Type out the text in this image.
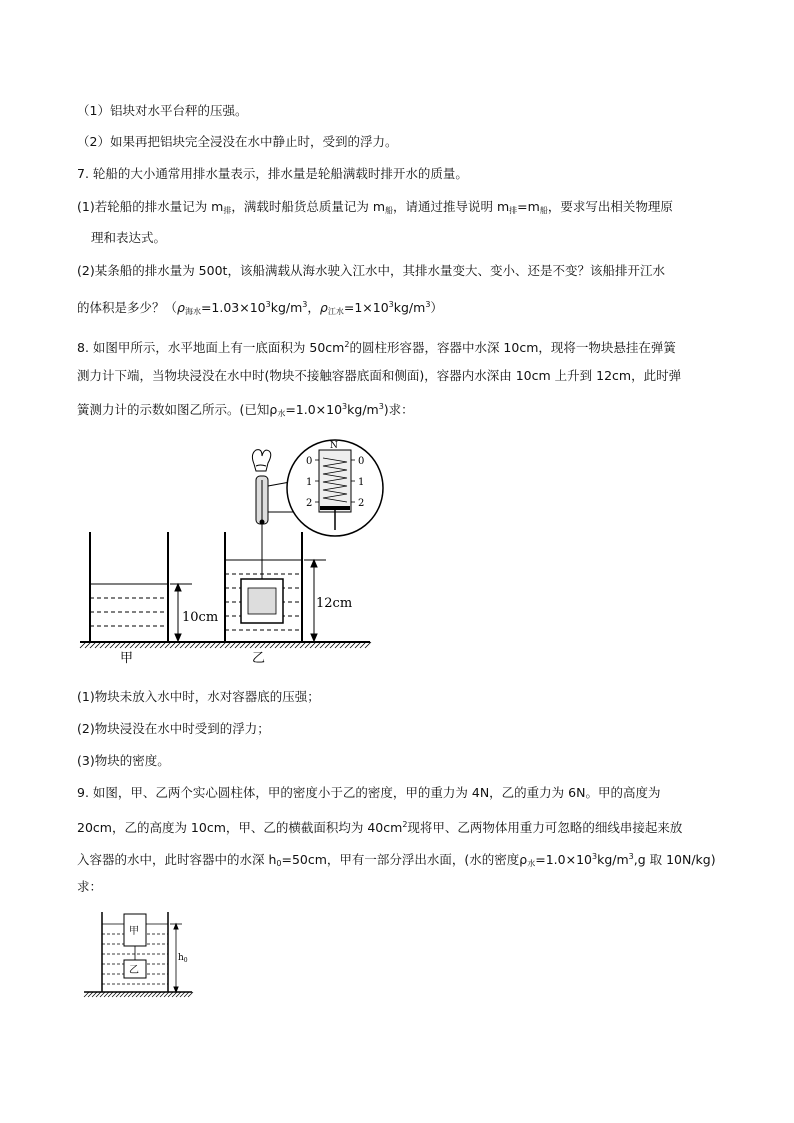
（1）铝块对水平台秤的压强。
（2）如果再把铝块完全浸没在水中静止时，受到的浮力。
7. 轮船的大小通常用排水量表示，排水量是轮船满载时排开水的质量。
(1)若轮船的排水量记为 $m_排$，满载时船货总质量记为 $m_船$，请通过推导说明 $m_排=m_船$，要求写出相关物理原
理和表达式。
(2)某条船的排水量为 500t，该船满载从海水驶入江水中，其排水量变大、变小、还是不变？该船排开江水
的体积是多少？（$\rho_{海水}=1.03\times 10^3kg/m^3$，$\rho_{江水}=1\times 10^3kg/m^3$）
8. 如图甲所示，水平地面上有一底面积为 $50cm^2$的圆柱形容器，容器中水深 10cm，现将一物块悬挂在弹簧
测力计下端，当物块浸没在水中时(物块不接触容器底面和侧面)，容器内水深由 10cm 上升到 12cm，此时弹
簧测力计的示数如图乙所示。(已知$\rho_水=1.0\times 10^3kg/m^3$)求：
10cm
甲	乙
12cm
N
0	0
1	1
2	2
(1)物块未放入水中时，水对容器底的压强；
(2)物块浸没在水中时受到的浮力；
(3)物块的密度。
9. 如图，甲、乙两个实心圆柱体，甲的密度小于乙的密度，甲的重力为 4N，乙的重力为 6N。甲的高度为
20cm，乙的高度为 10cm，甲、乙的横截面积均为 $40cm^2$现将甲、乙两物体用重力可忽略的细线串接起来放
入容器的水中，此时容器中的水深 $h_0=50cm$，甲有一部分浮出水面，(水的密度$\rho_水=1.0\times 10^3kg/m^3,g$ 取 10N/kg)
求：
甲
乙
$h_0$
